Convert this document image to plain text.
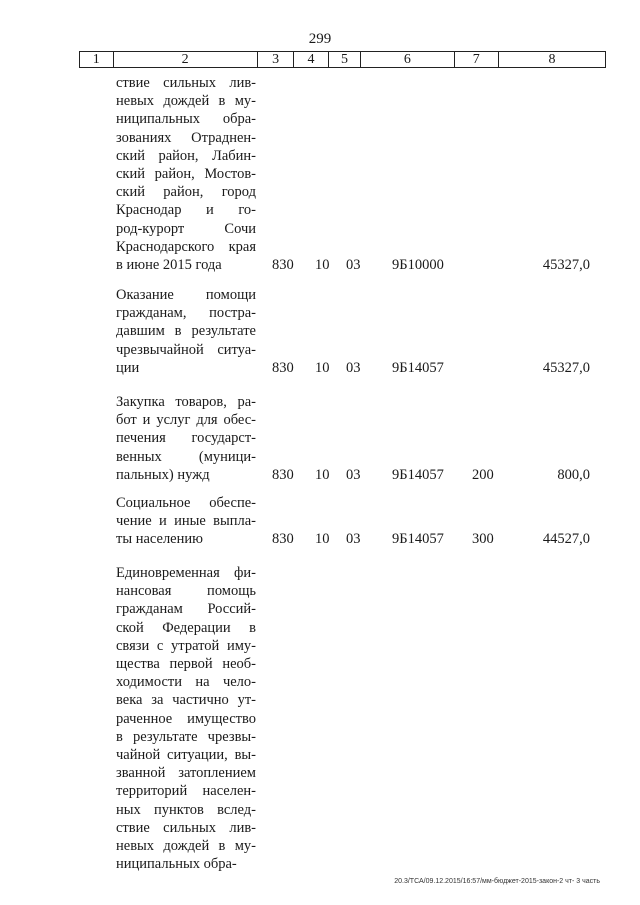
299
1	2	3	4	5	6	7	8
ствие сильных лив-
невых дождей в му-
ниципальных обра-
зованиях Отраднен-
ский район, Лабин-
ский район, Мостов-
ский район, город
Краснодар и го-
род-курорт Сочи
Краснодарского края
в июне 2015 года	830 10 03 9Б10000	45327,0
Оказание помощи
гражданам, постра-
давшим в результате
чрезвычайной ситуа-
ции	830 10 03 9Б14057	45327,0
Закупка товаров, ра-
бот и услуг для обес-
печения государст-
венных (муници-
пальных) нужд	830 10 03 9Б14057 200	800,0
Социальное обеспе-
чение и иные выпла-
ты населению	830 10 03 9Б14057 300	44527,0
Единовременная фи-
нансовая помощь
гражданам Россий-
ской Федерации в
связи с утратой иму-
щества первой необ-
ходимости на чело-
века за частично ут-
раченное имущество
в результате чрезвы-
чайной ситуации, вы-
званной затоплением
территорий населен-
ных пунктов вслед-
ствие сильных лив-
невых дождей в му-
ниципальных обра-
20.3/ТСА/09.12.2015/16:57/мм-бюджет-2015-закон-2 чт- 3 часть
